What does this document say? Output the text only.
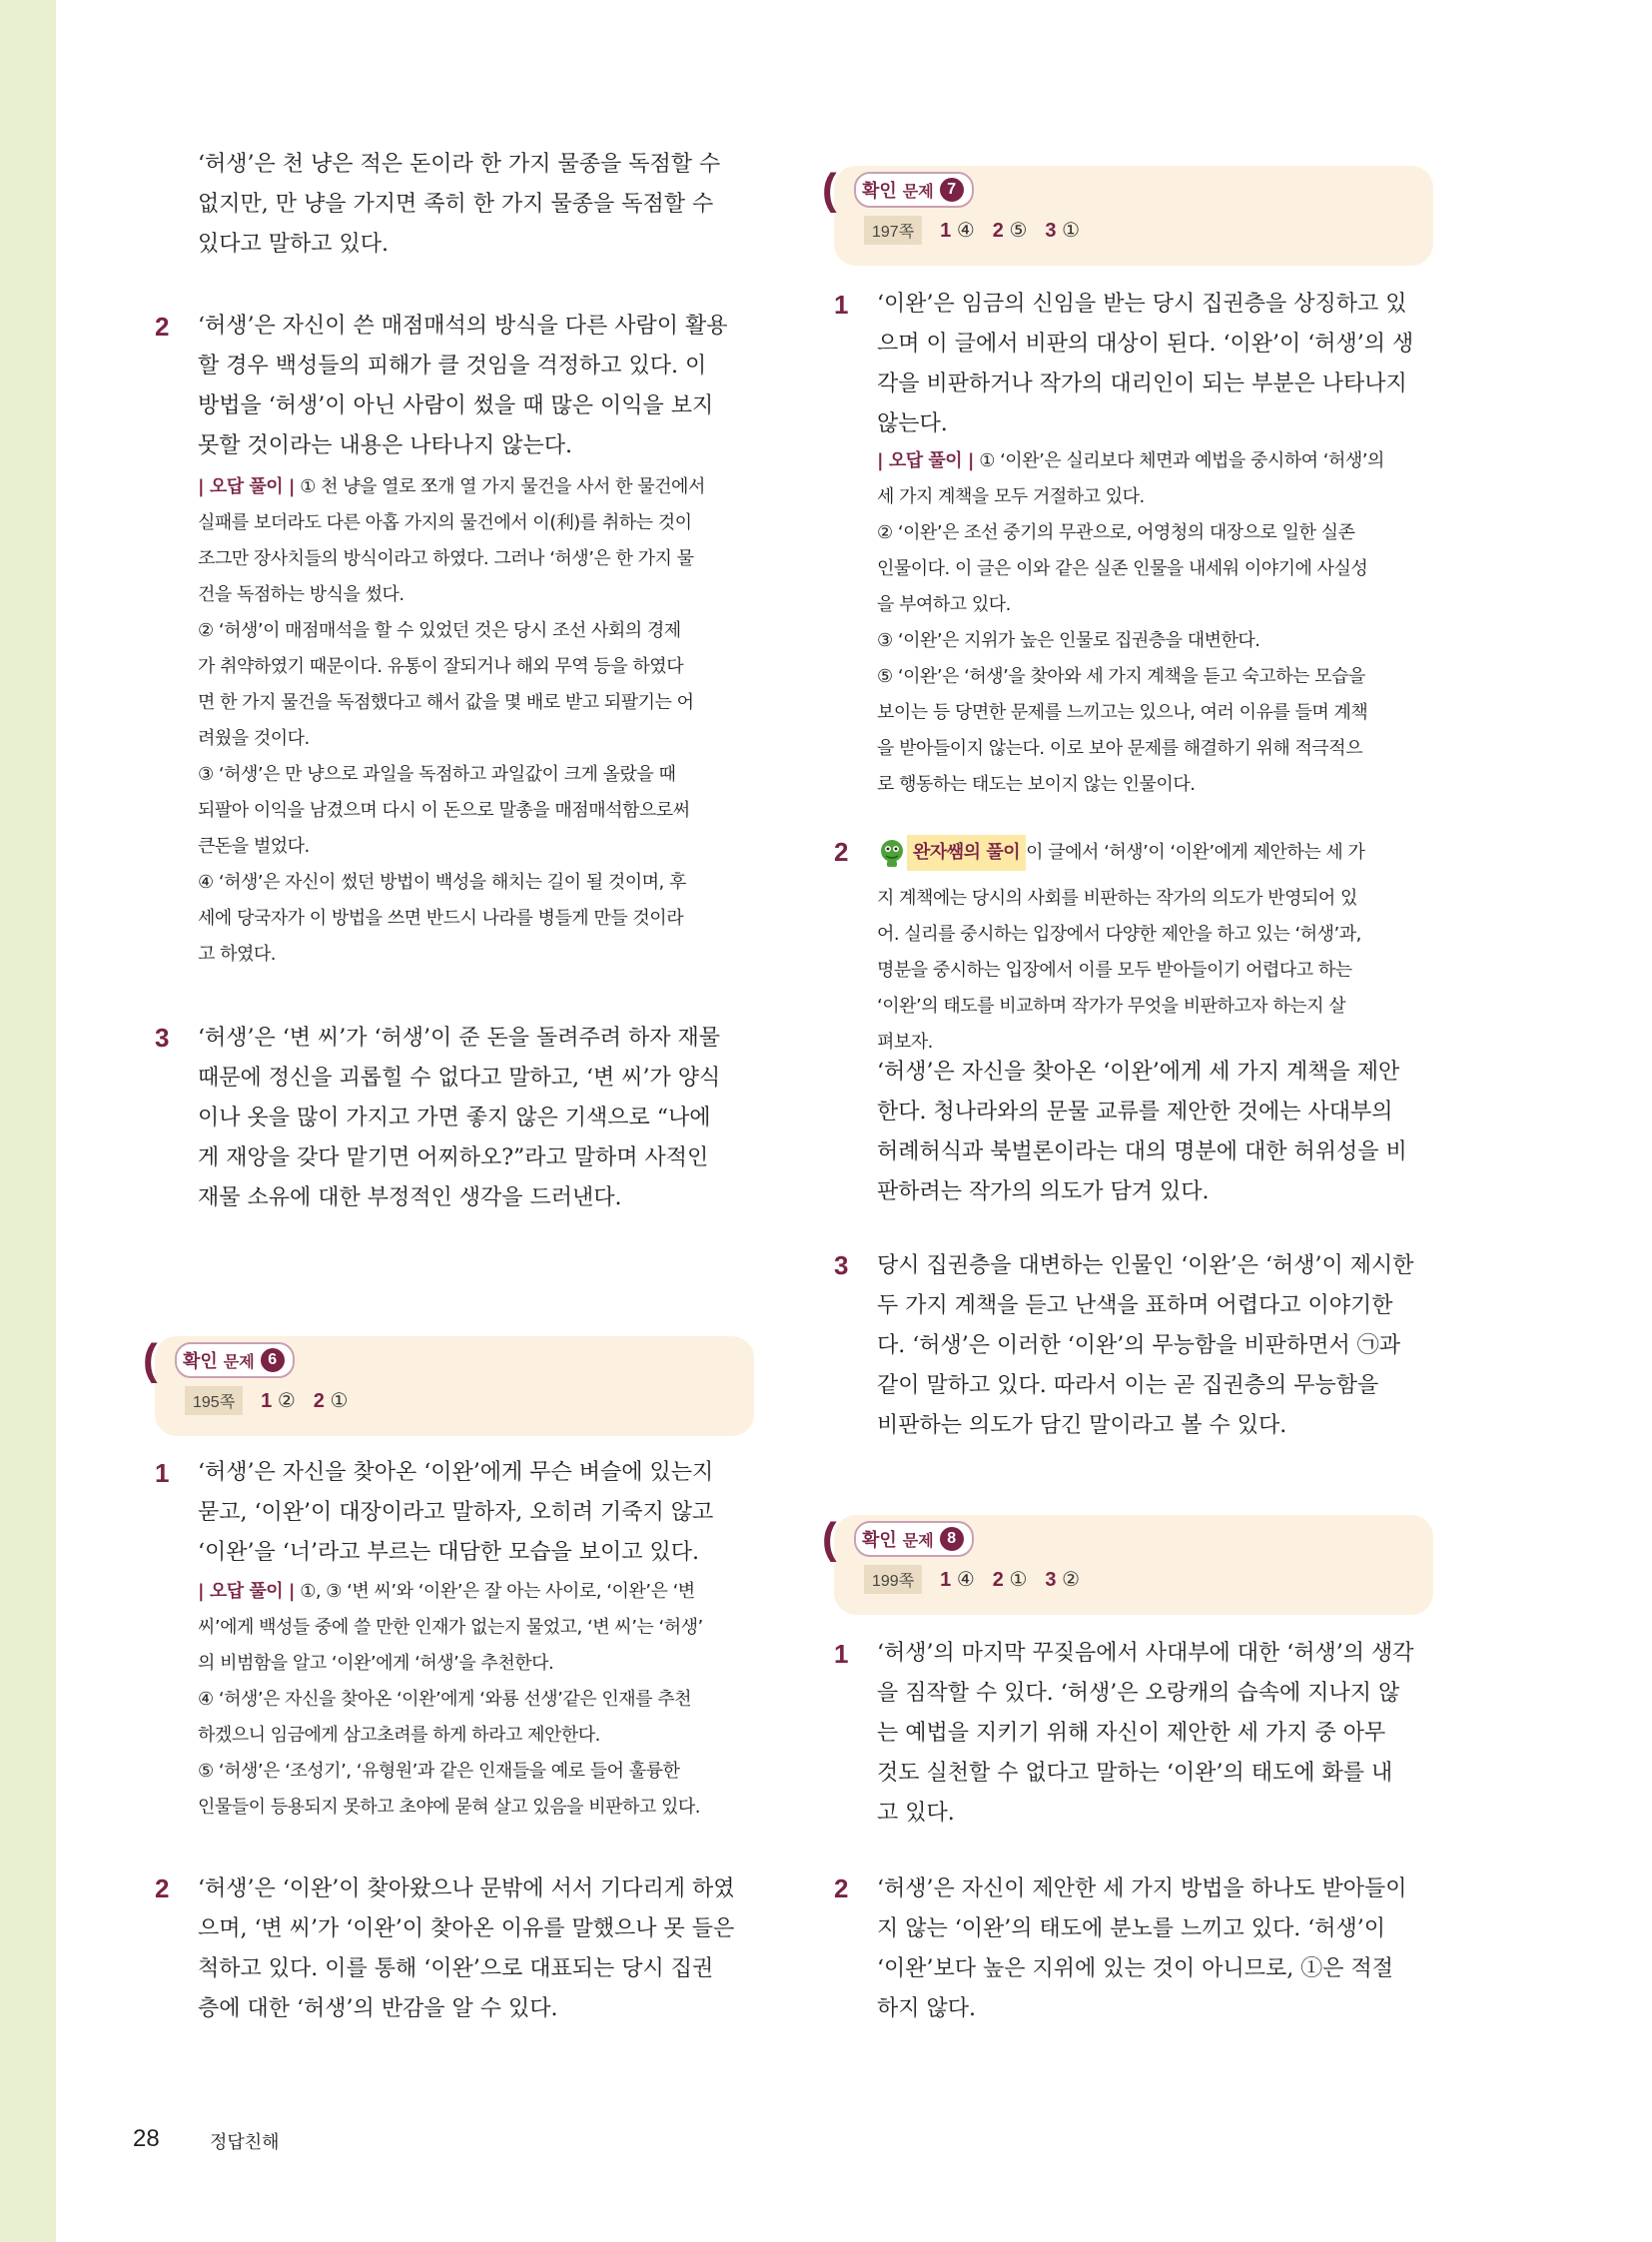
‘허생’은 천 냥은 적은 돈이라 한 가지 물종을 독점할 수
없지만, 만 냥을 가지면 족히 한 가지 물종을 독점할 수
있다고 말하고 있다.
2 ‘허생’은 자신이 쓴 매점매석의 방식을 다른 사람이 활용
할 경우 백성들의 피해가 클 것임을 걱정하고 있다. 이
방법을 ‘허생’이 아닌 사람이 썼을 때 많은 이익을 보지
못할 것이라는 내용은 나타나지 않는다.
| 오답 풀이 | ① 천 냥을 열로 쪼개 열 가지 물건을 사서 한 물건에서
실패를 보더라도 다른 아홉 가지의 물건에서 이(利)를 취하는 것이
조그만 장사치들의 방식이라고 하였다. 그러나 ‘허생’은 한 가지 물
건을 독점하는 방식을 썼다.
② ‘허생’이 매점매석을 할 수 있었던 것은 당시 조선 사회의 경제
가 취약하였기 때문이다. 유통이 잘되거나 해외 무역 등을 하였다
면 한 가지 물건을 독점했다고 해서 값을 몇 배로 받고 되팔기는 어
려웠을 것이다.
③ ‘허생’은 만 냥으로 과일을 독점하고 과일값이 크게 올랐을 때
되팔아 이익을 남겼으며 다시 이 돈으로 말총을 매점매석함으로써
큰돈을 벌었다.
④ ‘허생’은 자신이 썼던 방법이 백성을 해치는 길이 될 것이며, 후
세에 당국자가 이 방법을 쓰면 반드시 나라를 병들게 만들 것이라
고 하였다.
3 ‘허생’은 ‘변 씨’가 ‘허생’이 준 돈을 돌려주려 하자 재물
때문에 정신을 괴롭힐 수 없다고 말하고, ‘변 씨’가 양식
이나 옷을 많이 가지고 가면 좋지 않은 기색으로 “나에
게 재앙을 갖다 맡기면 어찌하오?”라고 말하며 사적인
재물 소유에 대한 부정적인 생각을 드러낸다.
( 확인 문제 6
195쪽	1 ② 2 ①
1 ‘허생’은 자신을 찾아온 ‘이완’에게 무슨 벼슬에 있는지
묻고, ‘이완’이 대장이라고 말하자, 오히려 기죽지 않고
‘이완’을 ‘너’라고 부르는 대담한 모습을 보이고 있다.
| 오답 풀이 | ①, ③ ‘변 씨’와 ‘이완’은 잘 아는 사이로, ‘이완’은 ‘변
씨’에게 백성들 중에 쓸 만한 인재가 없는지 물었고, ‘변 씨’는 ‘허생’
의 비범함을 알고 ‘이완’에게 ‘허생’을 추천한다.
④ ‘허생’은 자신을 찾아온 ‘이완’에게 ‘와룡 선생’같은 인재를 추천
하겠으니 임금에게 삼고초려를 하게 하라고 제안한다.
⑤ ‘허생’은 ‘조성기’, ‘유형원’과 같은 인재들을 예로 들어 훌륭한
인물들이 등용되지 못하고 초야에 묻혀 살고 있음을 비판하고 있다.
2 ‘허생’은 ‘이완’이 찾아왔으나 문밖에 서서 기다리게 하였
으며, ‘변 씨’가 ‘이완’이 찾아온 이유를 말했으나 못 들은
척하고 있다. 이를 통해 ‘이완’으로 대표되는 당시 집권
층에 대한 ‘허생’의 반감을 알 수 있다.
( 확인 문제 7
197쪽	1 ④ 2 ⑤ 3 ①
1 ‘이완’은 임금의 신임을 받는 당시 집권층을 상징하고 있
으며 이 글에서 비판의 대상이 된다. ‘이완’이 ‘허생’의 생
각을 비판하거나 작가의 대리인이 되는 부분은 나타나지
않는다.
| 오답 풀이 | ① ‘이완’은 실리보다 체면과 예법을 중시하여 ‘허생’의
세 가지 계책을 모두 거절하고 있다.
② ‘이완’은 조선 중기의 무관으로, 어영청의 대장으로 일한 실존
인물이다. 이 글은 이와 같은 실존 인물을 내세워 이야기에 사실성
을 부여하고 있다.
③ ‘이완’은 지위가 높은 인물로 집권층을 대변한다.
⑤ ‘이완’은 ‘허생’을 찾아와 세 가지 계책을 듣고 숙고하는 모습을
보이는 등 당면한 문제를 느끼고는 있으나, 여러 이유를 들며 계책
을 받아들이지 않는다. 이로 보아 문제를 해결하기 위해 적극적으
로 행동하는 태도는 보이지 않는 인물이다.
2	완자쌤의 풀이 이 글에서 ‘허생’이 ‘이완’에게 제안하는 세 가
지 계책에는 당시의 사회를 비판하는 작가의 의도가 반영되어 있
어. 실리를 중시하는 입장에서 다양한 제안을 하고 있는 ‘허생’과,
명분을 중시하는 입장에서 이를 모두 받아들이기 어렵다고 하는
‘이완’의 태도를 비교하며 작가가 무엇을 비판하고자 하는지 살
펴보자.
‘허생’은 자신을 찾아온 ‘이완’에게 세 가지 계책을 제안
한다. 청나라와의 문물 교류를 제안한 것에는 사대부의
허례허식과 북벌론이라는 대의 명분에 대한 허위성을 비
판하려는 작가의 의도가 담겨 있다.
3 당시 집권층을 대변하는 인물인 ‘이완’은 ‘허생’이 제시한
두 가지 계책을 듣고 난색을 표하며 어렵다고 이야기한
다. ‘허생’은 이러한 ‘이완’의 무능함을 비판하면서 ㉠과
같이 말하고 있다. 따라서 이는 곧 집권층의 무능함을
비판하는 의도가 담긴 말이라고 볼 수 있다.
( 확인 문제 8
199쪽	1 ④ 2 ① 3 ②
1 ‘허생’의 마지막 꾸짖음에서 사대부에 대한 ‘허생’의 생각
을 짐작할 수 있다. ‘허생’은 오랑캐의 습속에 지나지 않
는 예법을 지키기 위해 자신이 제안한 세 가지 중 아무
것도 실천할 수 없다고 말하는 ‘이완’의 태도에 화를 내
고 있다.
2 ‘허생’은 자신이 제안한 세 가지 방법을 하나도 받아들이
지 않는 ‘이완’의 태도에 분노를 느끼고 있다. ‘허생’이
‘이완’보다 높은 지위에 있는 것이 아니므로, ①은 적절
하지 않다.
28	정답친해
